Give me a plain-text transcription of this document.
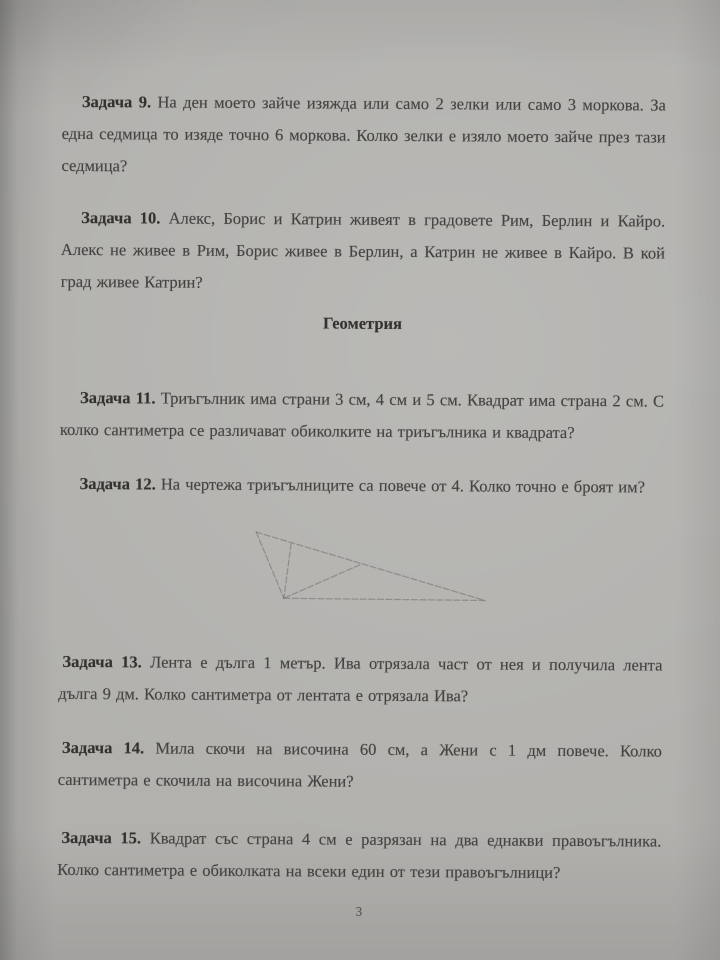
Задача 9. На ден моето зайче изяжда или само 2 зелки или само 3 моркова. За една седмица то изяде точно 6 моркова. Колко зелки е изяло моето зайче през тази седмица?

Задача 10. Алекс, Борис и Катрин живеят в градовете Рим, Берлин и Кайро. Алекс не живее в Рим, Борис живее в Берлин, а Катрин не живее в Кайро. В кой град живее Катрин?

Геометрия

Задача 11. Триъгълник има страни 3 см, 4 см и 5 см. Квадрат има страна 2 см. С колко сантиметра се различават обиколките на триъгълника и квадрата?

Задача 12. На чертежа триъгълниците са повече от 4. Колко точно е броят им?

Задача 13. Лента е дълга 1 метър. Ива отрязала част от нея и получила лента дълга 9 дм. Колко сантиметра от лентата е отрязала Ива?

Задача 14. Мила скочи на височина 60 см, а Жени с 1 дм повече. Колко сантиметра е скочила на височина Жени?

Задача 15. Квадрат със страна 4 см е разрязан на два еднакви правоъгълника. Колко сантиметра е обиколката на всеки един от тези правоъгълници?

3
